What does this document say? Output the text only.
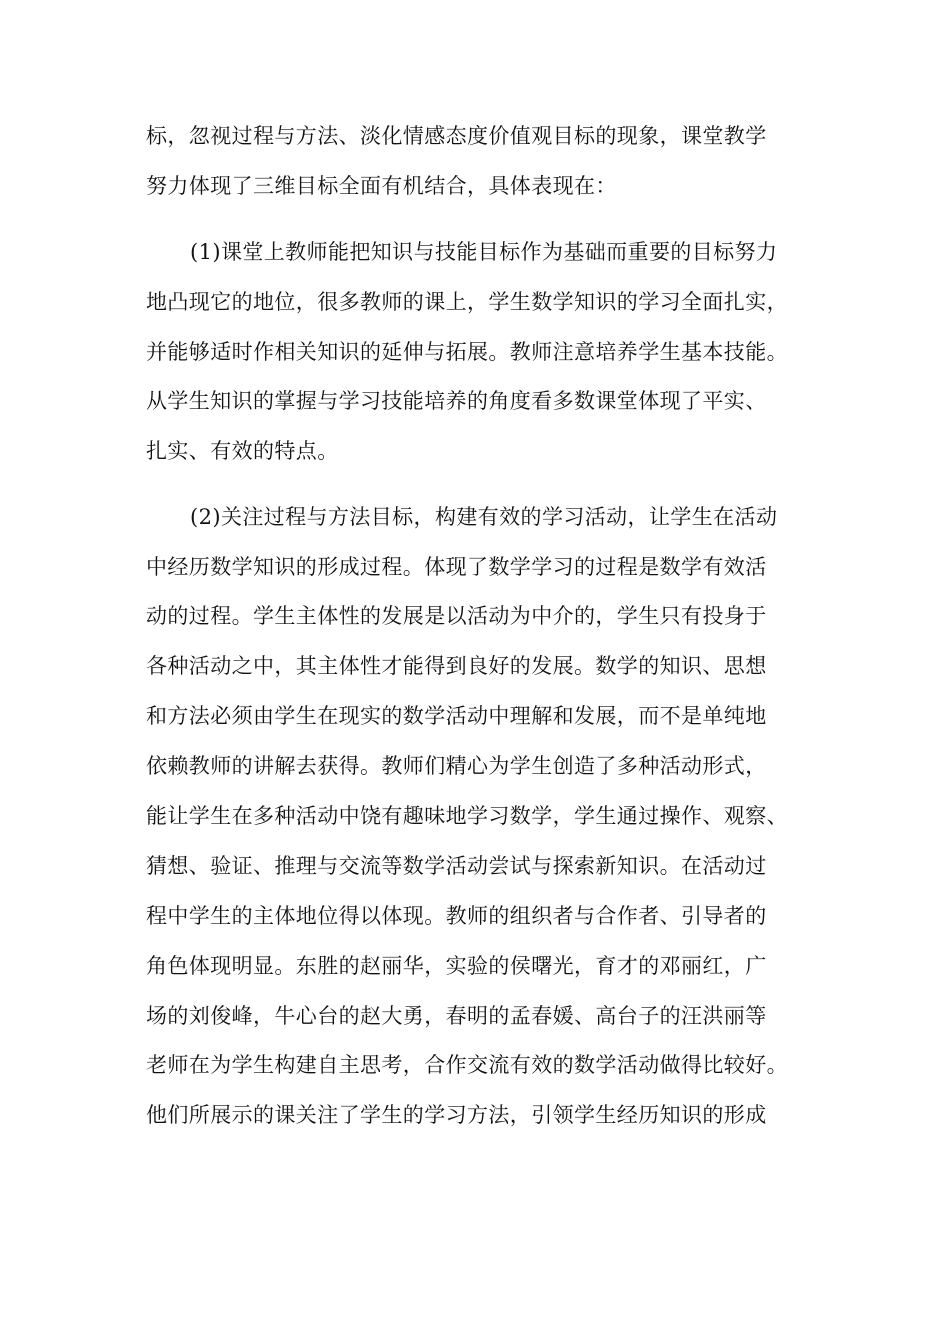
标，忽视过程与方法、淡化情感态度价值观目标的现象，课堂教学
努力体现了三维目标全面有机结合，具体表现在：
(1)课堂上教师能把知识与技能目标作为基础而重要的目标努力
地凸现它的地位，很多教师的课上，学生数学知识的学习全面扎实，
并能够适时作相关知识的延伸与拓展。教师注意培养学生基本技能。
从学生知识的掌握与学习技能培养的角度看多数课堂体现了平实、
扎实、有效的特点。
(2)关注过程与方法目标，构建有效的学习活动，让学生在活动
中经历数学知识的形成过程。体现了数学学习的过程是数学有效活
动的过程。学生主体性的发展是以活动为中介的，学生只有投身于
各种活动之中，其主体性才能得到良好的发展。数学的知识、思想
和方法必须由学生在现实的数学活动中理解和发展，而不是单纯地
依赖教师的讲解去获得。教师们精心为学生创造了多种活动形式，
能让学生在多种活动中饶有趣味地学习数学，学生通过操作、观察、
猜想、验证、推理与交流等数学活动尝试与探索新知识。在活动过
程中学生的主体地位得以体现。教师的组织者与合作者、引导者的
角色体现明显。东胜的赵丽华，实验的侯曙光，育才的邓丽红，广
场的刘俊峰，牛心台的赵大勇，春明的孟春媛、高台子的汪洪丽等
老师在为学生构建自主思考，合作交流有效的数学活动做得比较好。
他们所展示的课关注了学生的学习方法，引领学生经历知识的形成
